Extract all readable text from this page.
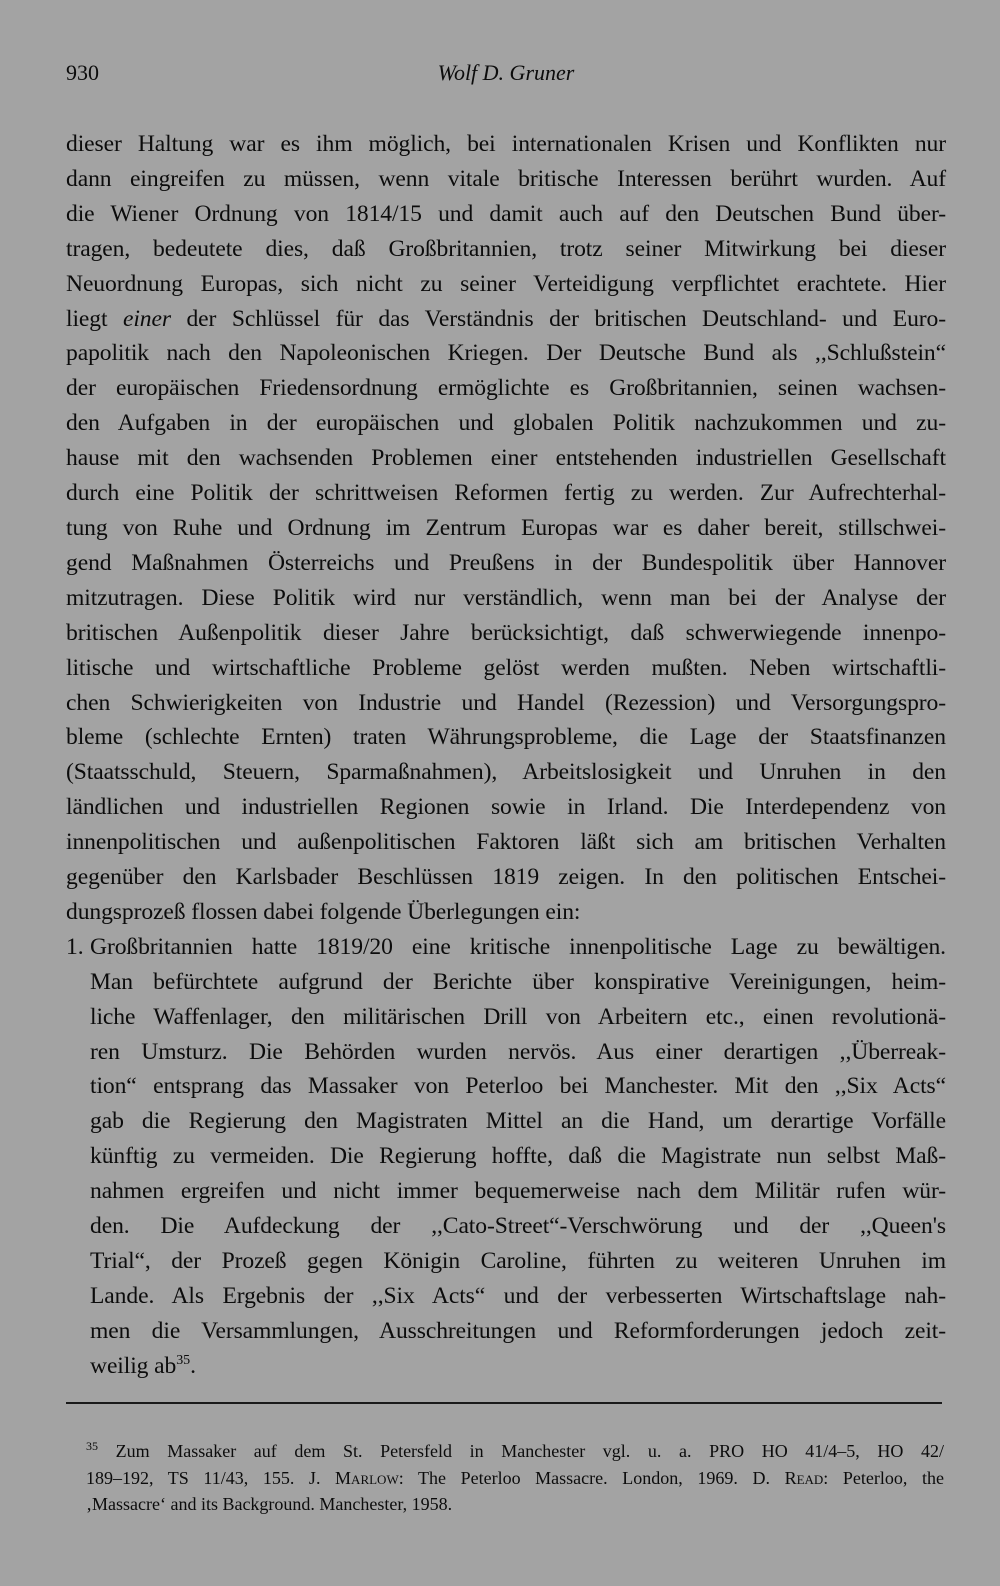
930	Wolf D. Gruner
dieser Haltung war es ihm möglich, bei internationalen Krisen und Konflikten nur
dann eingreifen zu müssen, wenn vitale britische Interessen berührt wurden. Auf
die Wiener Ordnung von 1814/15 und damit auch auf den Deutschen Bund über-
tragen, bedeutete dies, daß Großbritannien, trotz seiner Mitwirkung bei dieser
Neuordnung Europas, sich nicht zu seiner Verteidigung verpflichtet erachtete. Hier
liegt einer der Schlüssel für das Verständnis der britischen Deutschland- und Euro-
papolitik nach den Napoleonischen Kriegen. Der Deutsche Bund als ,,Schlußstein“
der europäischen Friedensordnung ermöglichte es Großbritannien, seinen wachsen-
den Aufgaben in der europäischen und globalen Politik nachzukommen und zu-
hause mit den wachsenden Problemen einer entstehenden industriellen Gesellschaft
durch eine Politik der schrittweisen Reformen fertig zu werden. Zur Aufrechterhal-
tung von Ruhe und Ordnung im Zentrum Europas war es daher bereit, stillschwei-
gend Maßnahmen Österreichs und Preußens in der Bundespolitik über Hannover
mitzutragen. Diese Politik wird nur verständlich, wenn man bei der Analyse der
britischen Außenpolitik dieser Jahre berücksichtigt, daß schwerwiegende innenpo-
litische und wirtschaftliche Probleme gelöst werden mußten. Neben wirtschaftli-
chen Schwierigkeiten von Industrie und Handel (Rezession) und Versorgungspro-
bleme (schlechte Ernten) traten Währungsprobleme, die Lage der Staatsfinanzen
(Staatsschuld, Steuern, Sparmaßnahmen), Arbeitslosigkeit und Unruhen in den
ländlichen und industriellen Regionen sowie in Irland. Die Interdependenz von
innenpolitischen und außenpolitischen Faktoren läßt sich am britischen Verhalten
gegenüber den Karlsbader Beschlüssen 1819 zeigen. In den politischen Entschei-
dungsprozeß flossen dabei folgende Überlegungen ein:
1. Großbritannien hatte 1819/20 eine kritische innenpolitische Lage zu bewältigen.
Man befürchtete aufgrund der Berichte über konspirative Vereinigungen, heim-
liche Waffenlager, den militärischen Drill von Arbeitern etc., einen revolutionä-
ren Umsturz. Die Behörden wurden nervös. Aus einer derartigen ,,Überreak-
tion“ entsprang das Massaker von Peterloo bei Manchester. Mit den ,,Six Acts“
gab die Regierung den Magistraten Mittel an die Hand, um derartige Vorfälle
künftig zu vermeiden. Die Regierung hoffte, daß die Magistrate nun selbst Maß-
nahmen ergreifen und nicht immer bequemerweise nach dem Militär rufen wür-
den. Die Aufdeckung der ,,Cato-Street“-Verschwörung und der ,,Queen's
Trial“, der Prozeß gegen Königin Caroline, führten zu weiteren Unruhen im
Lande. Als Ergebnis der ,,Six Acts“ und der verbesserten Wirtschaftslage nah-
men die Versammlungen, Ausschreitungen und Reformforderungen jedoch zeit-
weilig ab$^{35}$.
$^{35}$ Zum Massaker auf dem St. Petersfeld in Manchester vgl. u. a. PRO HO 41/4–5, HO 42/
189–192, TS 11/43, 155. J. Marlow: The Peterloo Massacre. London, 1969. D. Read: Peterloo, the
‚Massacre‘ and its Background. Manchester, 1958.
